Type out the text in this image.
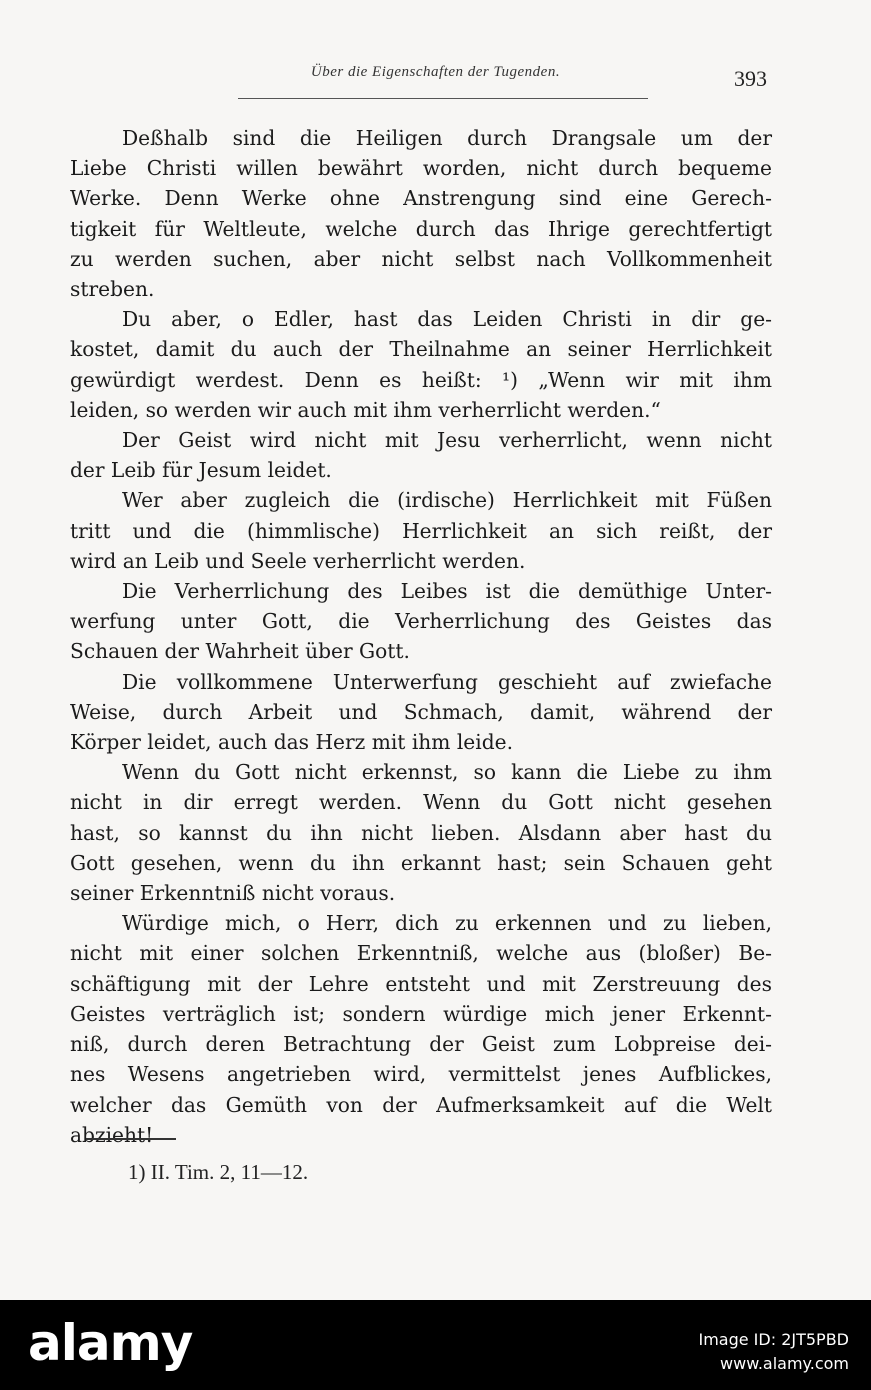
Über die Eigenschaften der Tugenden.	393
Deßhalb sind die Heiligen durch Drangsale um der
Liebe Christi willen bewährt worden, nicht durch bequeme
Werke. Denn Werke ohne Anstrengung sind eine Gerech-
tigkeit für Weltleute, welche durch das Ihrige gerechtfertigt
zu werden suchen, aber nicht selbst nach Vollkommenheit
streben.
Du aber, o Edler, hast das Leiden Christi in dir ge-
kostet, damit du auch der Theilnahme an seiner Herrlichkeit
gewürdigt werdest. Denn es heißt: ¹) „Wenn wir mit ihm
leiden, so werden wir auch mit ihm verherrlicht werden.“
Der Geist wird nicht mit Jesu verherrlicht, wenn nicht
der Leib für Jesum leidet.
Wer aber zugleich die (irdische) Herrlichkeit mit Füßen
tritt und die (himmlische) Herrlichkeit an sich reißt, der
wird an Leib und Seele verherrlicht werden.
Die Verherrlichung des Leibes ist die demüthige Unter-
werfung unter Gott, die Verherrlichung des Geistes das
Schauen der Wahrheit über Gott.
Die vollkommene Unterwerfung geschieht auf zwiefache
Weise, durch Arbeit und Schmach, damit, während der
Körper leidet, auch das Herz mit ihm leide.
Wenn du Gott nicht erkennst, so kann die Liebe zu ihm
nicht in dir erregt werden. Wenn du Gott nicht gesehen
hast, so kannst du ihn nicht lieben. Alsdann aber hast du
Gott gesehen, wenn du ihn erkannt hast; sein Schauen geht
seiner Erkenntniß nicht voraus.
Würdige mich, o Herr, dich zu erkennen und zu lieben,
nicht mit einer solchen Erkenntniß, welche aus (bloßer) Be-
schäftigung mit der Lehre entsteht und mit Zerstreuung des
Geistes verträglich ist; sondern würdige mich jener Erkennt-
niß, durch deren Betrachtung der Geist zum Lobpreise dei-
nes Wesens angetrieben wird, vermittelst jenes Aufblickes,
welcher das Gemüth von der Aufmerksamkeit auf die Welt
abzieht!
1) II. Tim. 2, 11—12.
alamy	Image ID: 2JT5PBD
www.alamy.com
